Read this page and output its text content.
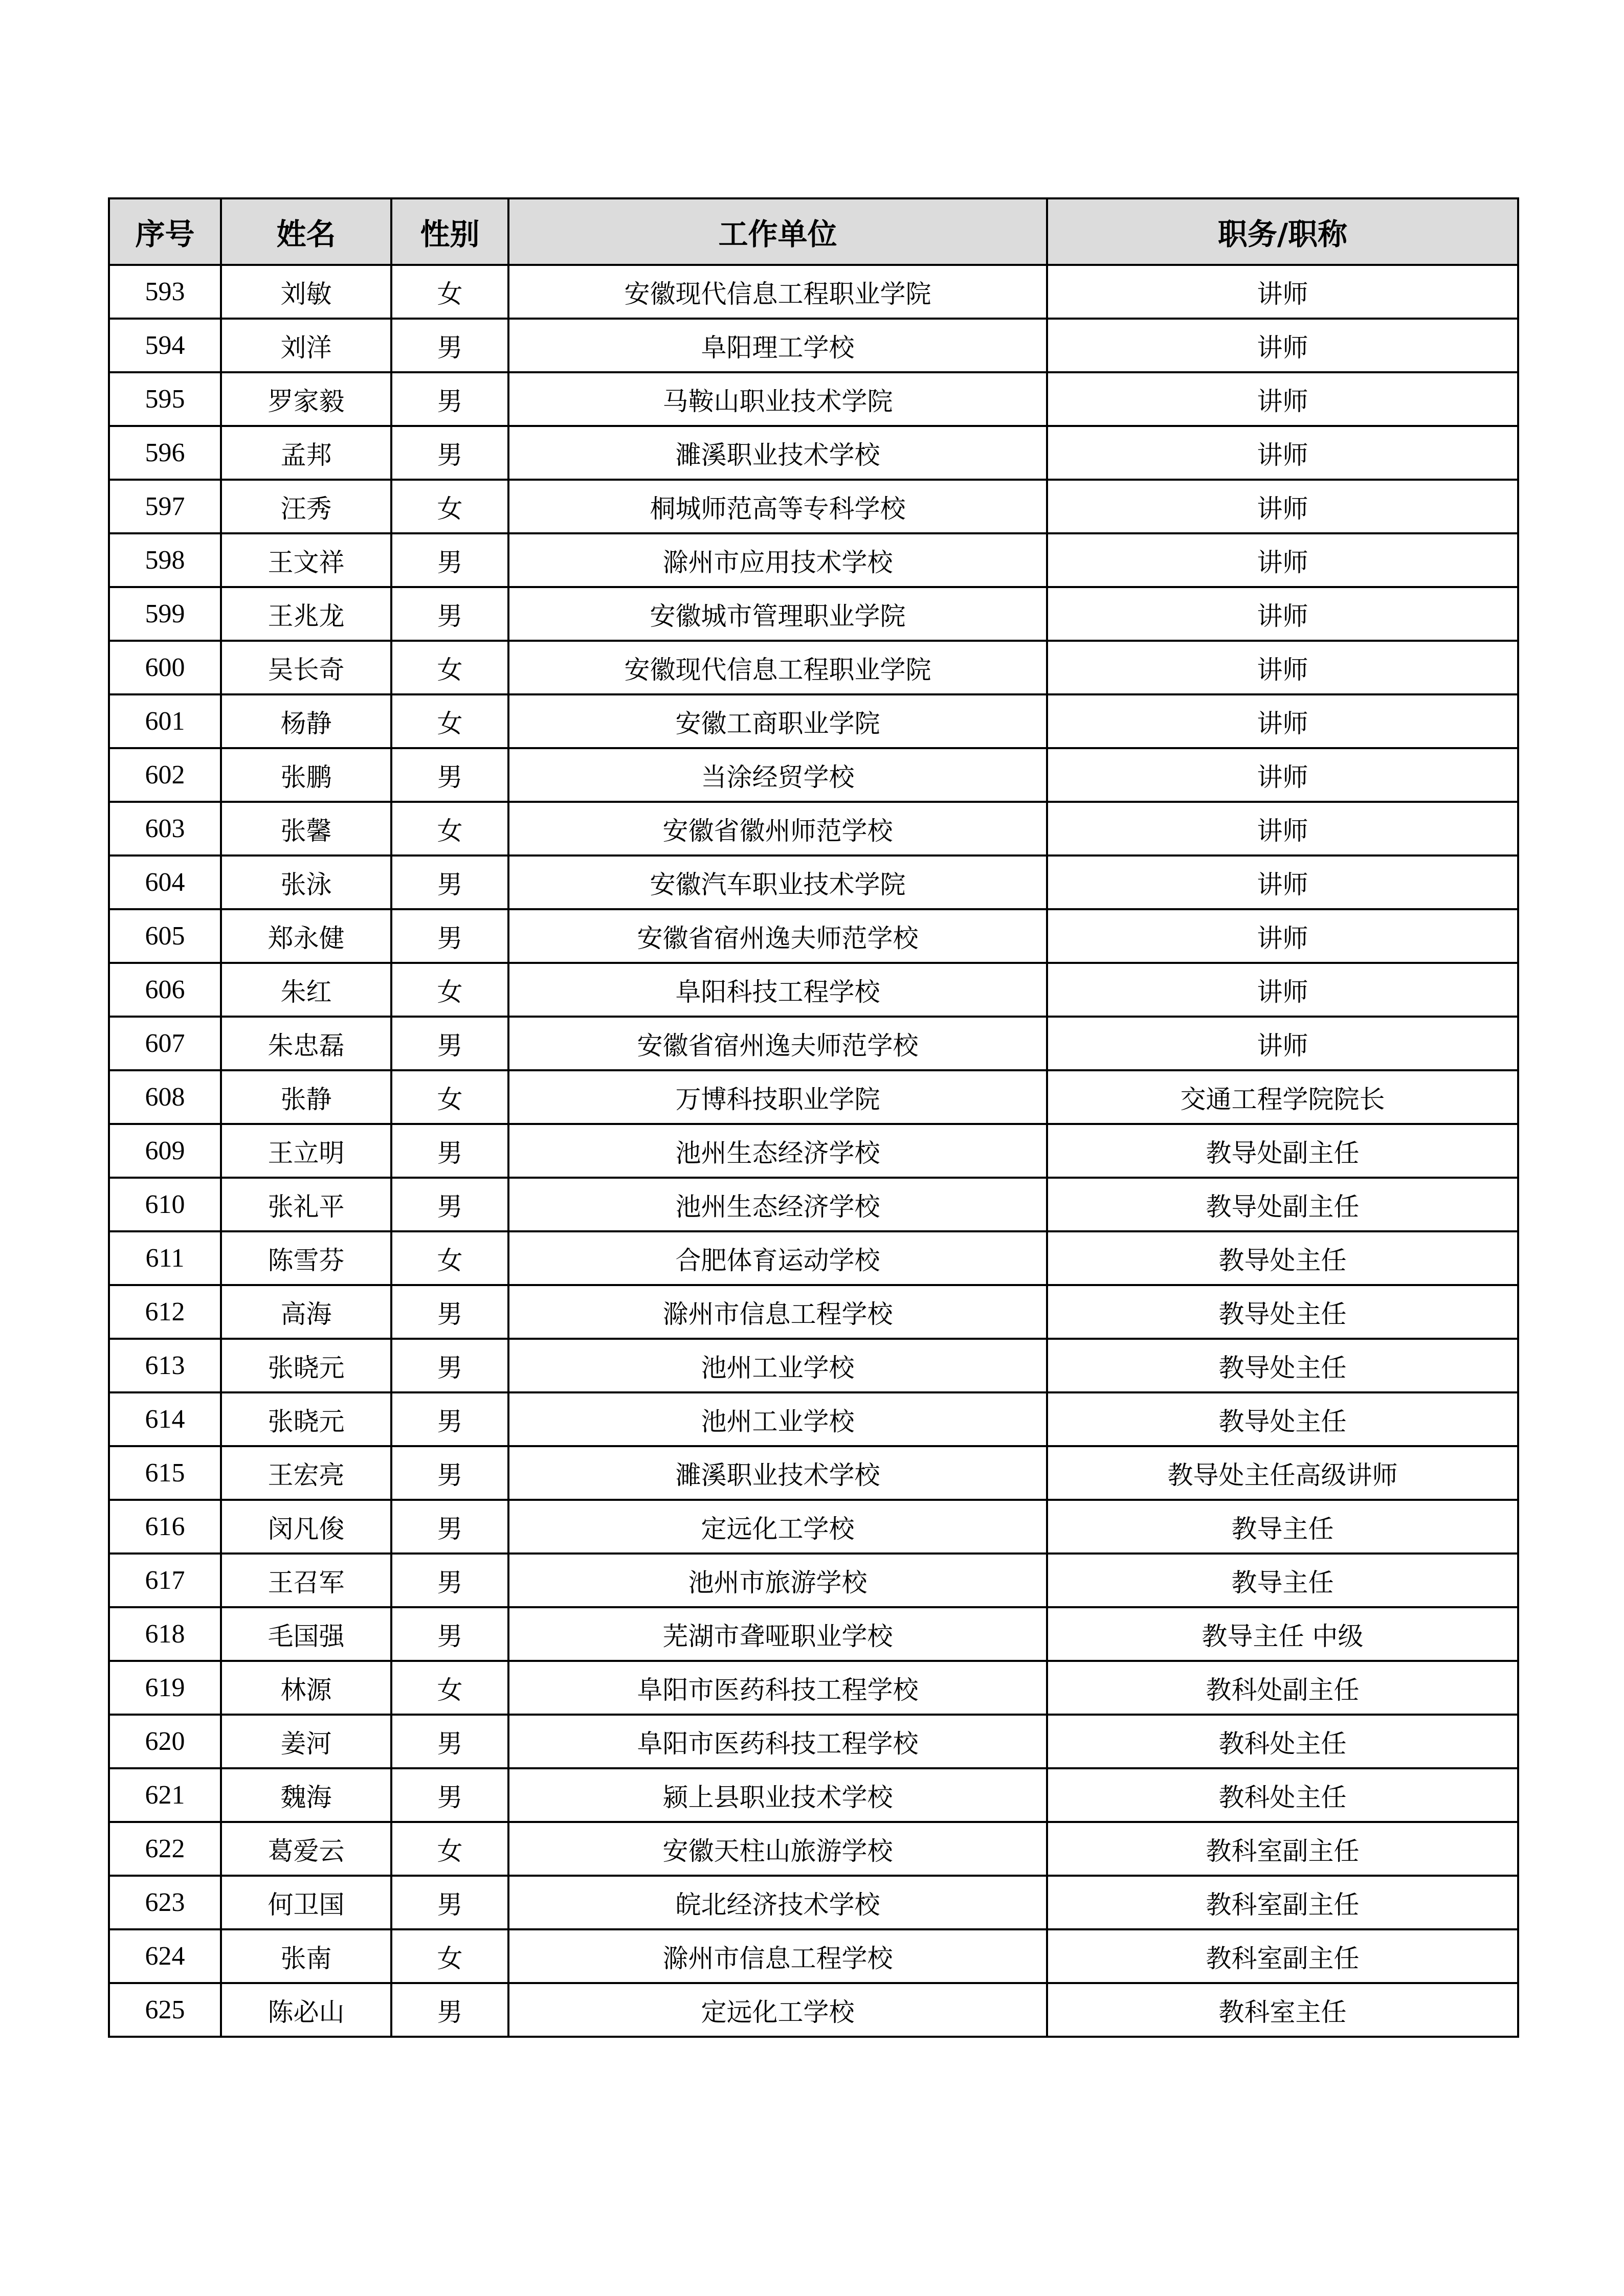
序号	姓名	性别	工作单位	职务/职称
593	刘敏	女	安徽现代信息工程职业学院	讲师
594	刘洋	男	阜阳理工学校	讲师
595	罗家毅	男	马鞍山职业技术学院	讲师
596	孟邦	男	濉溪职业技术学校	讲师
597	汪秀	女	桐城师范高等专科学校	讲师
598	王文祥	男	滁州市应用技术学校	讲师
599	王兆龙	男	安徽城市管理职业学院	讲师
600	吴长奇	女	安徽现代信息工程职业学院	讲师
601	杨静	女	安徽工商职业学院	讲师
602	张鹏	男	当涂经贸学校	讲师
603	张馨	女	安徽省徽州师范学校	讲师
604	张泳	男	安徽汽车职业技术学院	讲师
605	郑永健	男	安徽省宿州逸夫师范学校	讲师
606	朱红	女	阜阳科技工程学校	讲师
607	朱忠磊	男	安徽省宿州逸夫师范学校	讲师
608	张静	女	万博科技职业学院	交通工程学院院长
609	王立明	男	池州生态经济学校	教导处副主任
610	张礼平	男	池州生态经济学校	教导处副主任
611	陈雪芬	女	合肥体育运动学校	教导处主任
612	高海	男	滁州市信息工程学校	教导处主任
613	张晓元	男	池州工业学校	教导处主任
614	张晓元	男	池州工业学校	教导处主任
615	王宏亮	男	濉溪职业技术学校	教导处主任高级讲师
616	闵凡俊	男	定远化工学校	教导主任
617	王召军	男	池州市旅游学校	教导主任
618	毛国强	男	芜湖市聋哑职业学校	教导主任 中级
619	林源	女	阜阳市医药科技工程学校	教科处副主任
620	姜河	男	阜阳市医药科技工程学校	教科处主任
621	魏海	男	颍上县职业技术学校	教科处主任
622	葛爱云	女	安徽天柱山旅游学校	教科室副主任
623	何卫国	男	皖北经济技术学校	教科室副主任
624	张南	女	滁州市信息工程学校	教科室副主任
625	陈必山	男	定远化工学校	教科室主任
